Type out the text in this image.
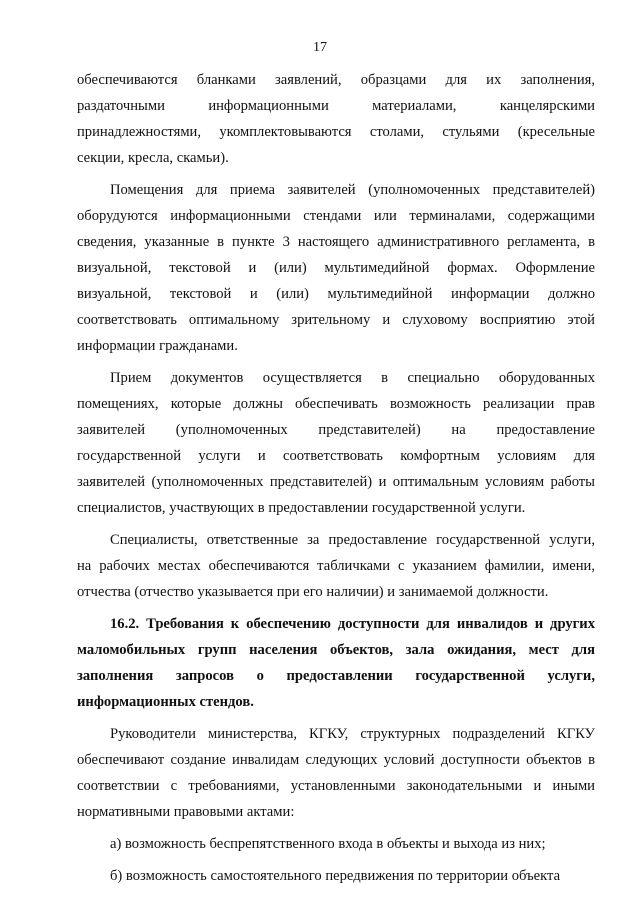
17
обеспечиваются бланками заявлений, образцами для их заполнения,
раздаточными информационными материалами, канцелярскими
принадлежностями, укомплектовываются столами, стульями (кресельные
секции, кресла, скамьи).
Помещения для приема заявителей (уполномоченных представителей)
оборудуются информационными стендами или терминалами, содержащими
сведения, указанные в пункте 3 настоящего административного регламента, в
визуальной, текстовой и (или) мультимедийной формах. Оформление
визуальной, текстовой и (или) мультимедийной информации должно
соответствовать оптимальному зрительному и слуховому восприятию этой
информации гражданами.
Прием документов осуществляется в специально оборудованных
помещениях, которые должны обеспечивать возможность реализации прав
заявителей (уполномоченных представителей) на предоставление
государственной услуги и соответствовать комфортным условиям для
заявителей (уполномоченных представителей) и оптимальным условиям работы
специалистов, участвующих в предоставлении государственной услуги.
Специалисты, ответственные за предоставление государственной услуги,
на рабочих местах обеспечиваются табличками с указанием фамилии, имени,
отчества (отчество указывается при его наличии) и занимаемой должности.
16.2. Требования к обеспечению доступности для инвалидов и других
маломобильных групп населения объектов, зала ожидания, мест для
заполнения запросов о предоставлении государственной услуги,
информационных стендов.
Руководители министерства, КГКУ, структурных подразделений КГКУ
обеспечивают создание инвалидам следующих условий доступности объектов в
соответствии с требованиями, установленными законодательными и иными
нормативными правовыми актами:
а) возможность беспрепятственного входа в объекты и выхода из них;
б) возможность самостоятельного передвижения по территории объекта
